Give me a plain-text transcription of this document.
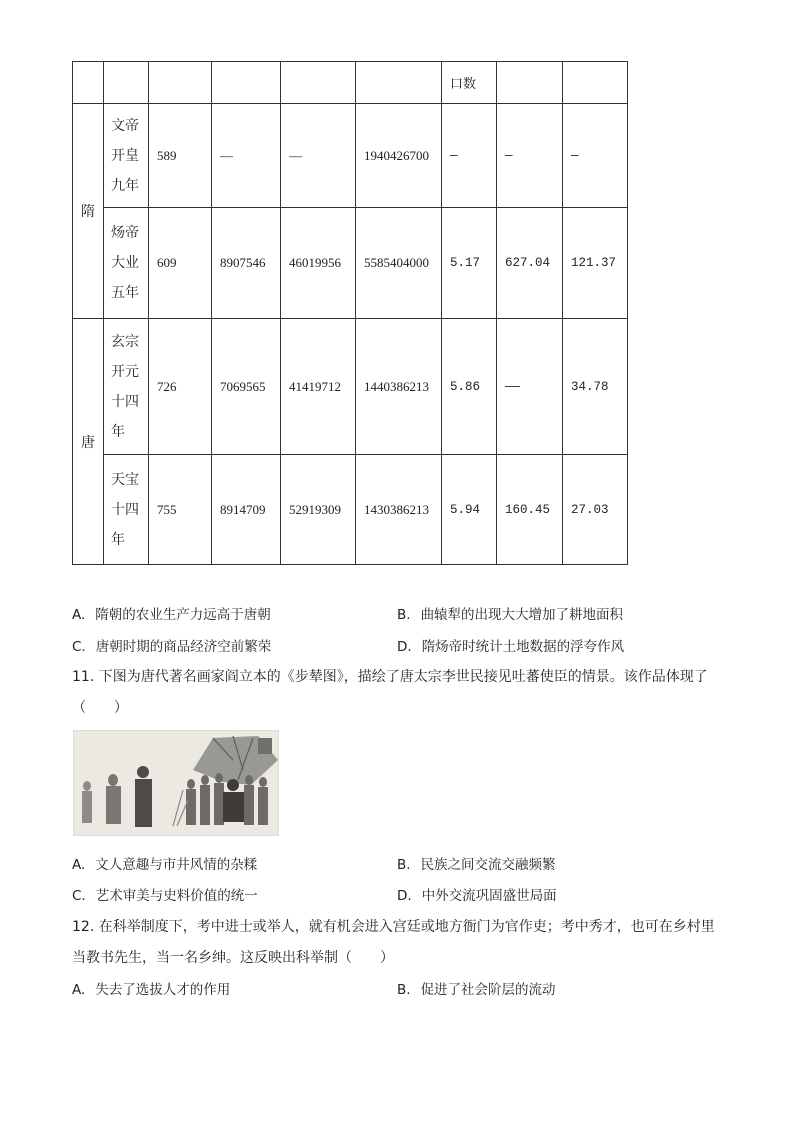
						口数		
隋	文帝
开皇
九年	589	—	—	1940426700	—	—	—

	炀帝
大业
五年	609	8907546	46019956	5585404000	5.17	627.04	121.37
唐	玄宗
开元
十四
年	726	7069565	41419712	1440386213	5.86	——	34.78

	天宝
十四
年	755	8914709	52919309	1430386213	5.94	160.45	27.03
A. 隋朝的农业生产力远高于唐朝	B. 曲辕犁的出现大大增加了耕地面积
C. 唐朝时期的商品经济空前繁荣	D. 隋炀帝时统计土地数据的浮夸作风
11. 下图为唐代著名画家阎立本的《步辇图》，描绘了唐太宗李世民接见吐蕃使臣的情景。该作品体现了
（　　）
A. 文人意趣与市井风情的杂糅	B. 民族之间交流交融频繁
C. 艺术审美与史料价值的统一	D. 中外交流巩固盛世局面
12. 在科举制度下，考中进士或举人，就有机会进入宫廷或地方衙门为官作吏；考中秀才，也可在乡村里
当教书先生，当一名乡绅。这反映出科举制（　　）
A. 失去了选拔人才的作用	B. 促进了社会阶层的流动
